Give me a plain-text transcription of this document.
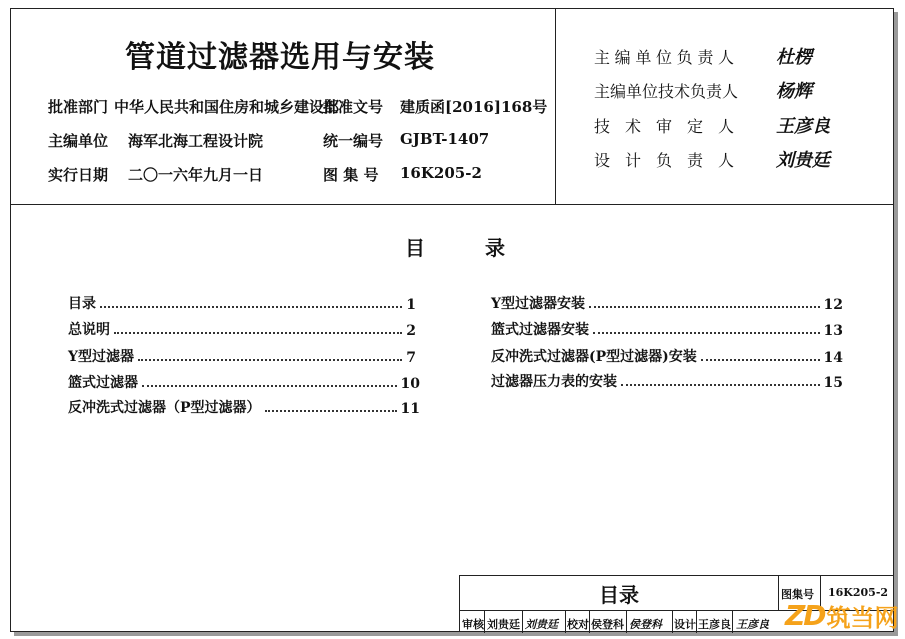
管道过滤器选用与安装
批准部门 中华人民共和国住房和城乡建设部
主编单位 海军北海工程设计院
实行日期 二〇一六年九月一日
批准文号 建质函[2016]168号
统一编号 GJBT-1407
图 集 号 16K205-2
主编单位负责人 杜楞
主编单位技术负责人 杨辉
技术审定人 王彦良
设计负责人 刘贵廷
目	录
目录	1
总说明	2
Y型过滤器	7
篮式过滤器	10
反冲洗式过滤器（P型过滤器）	11
Y型过滤器安装	12
篮式过滤器安装	13
反冲洗式过滤器(P型过滤器)安装	14
过滤器压力表的安装	15
目录	图集号 16K205-2
审核 刘贵廷 刘贵廷 校对 侯登科 侯登科 设计 王彦良 王彦良 ZD 筑当网
